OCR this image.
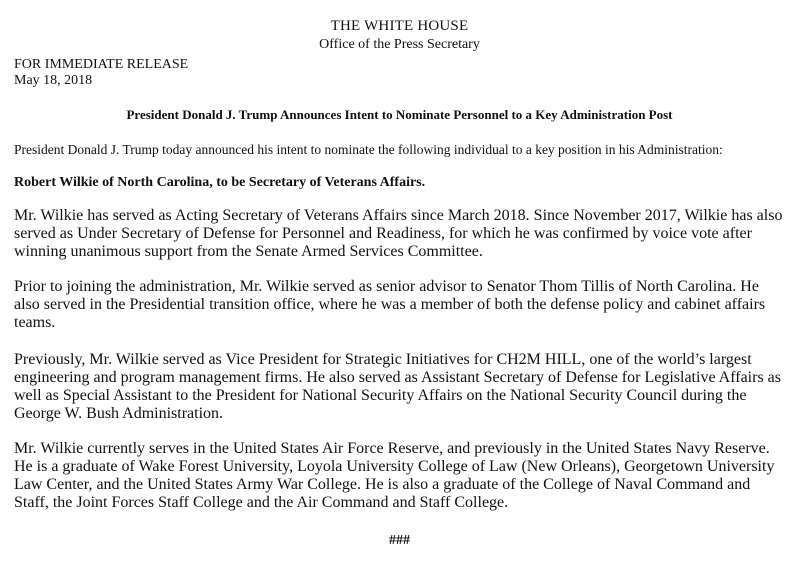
THE WHITE HOUSE
Office of the Press Secretary
FOR IMMEDIATE RELEASE
May 18, 2018
President Donald J. Trump Announces Intent to Nominate Personnel to a Key Administration Post
President Donald J. Trump today announced his intent to nominate the following individual to a key position in his Administration:
Robert Wilkie of North Carolina, to be Secretary of Veterans Affairs.

Mr. Wilkie has served as Acting Secretary of Veterans Affairs since March 2018. Since November 2017, Wilkie has also served as Under Secretary of Defense for Personnel and Readiness, for which he was confirmed by voice vote after winning unanimous support from the Senate Armed Services Committee.

Prior to joining the administration, Mr. Wilkie served as senior advisor to Senator Thom Tillis of North Carolina. He also served in the Presidential transition office, where he was a member of both the defense policy and cabinet affairs teams.

Previously, Mr. Wilkie served as Vice President for Strategic Initiatives for CH2M HILL, one of the world’s largest engineering and program management firms. He also served as Assistant Secretary of Defense for Legislative Affairs as well as Special Assistant to the President for National Security Affairs on the National Security Council during the George W. Bush Administration.

Mr. Wilkie currently serves in the United States Air Force Reserve, and previously in the United States Navy Reserve. He is a graduate of Wake Forest University, Loyola University College of Law (New Orleans), Georgetown University Law Center, and the United States Army War College. He is also a graduate of the College of Naval Command and Staff, the Joint Forces Staff College and the Air Command and Staff College.

###
